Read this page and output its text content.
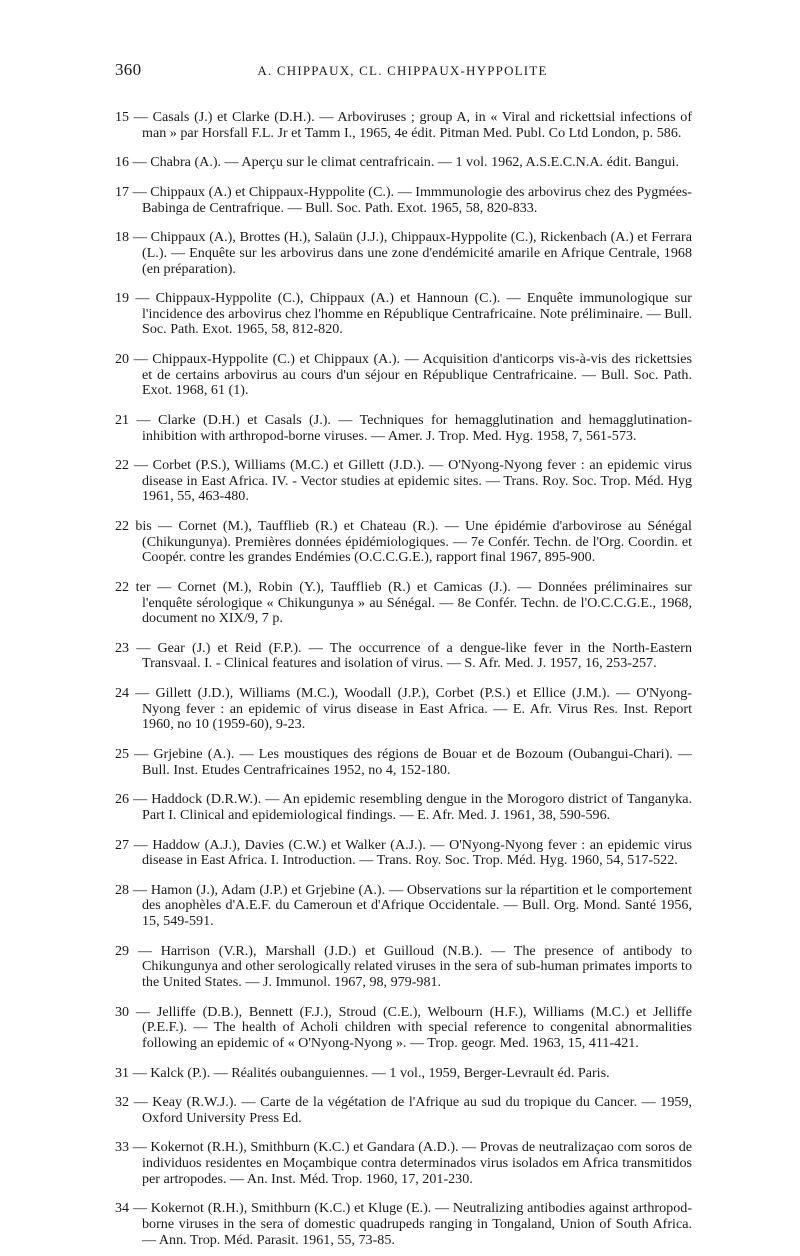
360	A. CHIPPAUX, CL. CHIPPAUX-HYPPOLITE

15 — Casals (J.) et Clarke (D.H.). — Arboviruses ; group A, in « Viral and rickettsial infections of man » par Horsfall F.L. Jr et Tamm I., 1965, 4e édit. Pitman Med. Publ. Co Ltd London, p. 586.

16 — Chabra (A.). — Aperçu sur le climat centrafricain. — 1 vol. 1962, A.S.E.C.N.A. édit. Bangui.

17 — Chippaux (A.) et Chippaux-Hyppolite (C.). — Immmunologie des arbovirus chez des Pygmées-Babinga de Centrafrique. — Bull. Soc. Path. Exot. 1965, 58, 820-833.

18 — Chippaux (A.), Brottes (H.), Salaün (J.J.), Chippaux-Hyppolite (C.), Rickenbach (A.) et Ferrara (L.). — Enquête sur les arbovirus dans une zone d'endémicité amarile en Afrique Centrale, 1968 (en préparation).

19 — Chippaux-Hyppolite (C.), Chippaux (A.) et Hannoun (C.). — Enquête immunologique sur l'incidence des arbovirus chez l'homme en République Centrafricaine. Note préliminaire. — Bull. Soc. Path. Exot. 1965, 58, 812-820.

20 — Chippaux-Hyppolite (C.) et Chippaux (A.). — Acquisition d'anticorps vis-à-vis des rickettsies et de certains arbovirus au cours d'un séjour en République Centrafricaine. — Bull. Soc. Path. Exot. 1968, 61 (1).

21 — Clarke (D.H.) et Casals (J.). — Techniques for hemagglutination and hemagglutination-inhibition with arthropod-borne viruses. — Amer. J. Trop. Med. Hyg. 1958, 7, 561-573.

22 — Corbet (P.S.), Williams (M.C.) et Gillett (J.D.). — O'Nyong-Nyong fever : an epidemic virus disease in East Africa. IV. - Vector studies at epidemic sites. — Trans. Roy. Soc. Trop. Méd. Hyg 1961, 55, 463-480.

22 bis — Cornet (M.), Taufflieb (R.) et Chateau (R.). — Une épidémie d'arbovirose au Sénégal (Chikungunya). Premières données épidémiologiques. — 7e Confér. Techn. de l'Org. Coordin. et Coopér. contre les grandes Endémies (O.C.C.G.E.), rapport final 1967, 895-900.

22 ter — Cornet (M.), Robin (Y.), Taufflieb (R.) et Camicas (J.). — Données préliminaires sur l'enquête sérologique « Chikungunya » au Sénégal. — 8e Confér. Techn. de l'O.C.C.G.E., 1968, document no XIX/9, 7 p.

23 — Gear (J.) et Reid (F.P.). — The occurrence of a dengue-like fever in the North-Eastern Transvaal. I. - Clinical features and isolation of virus. — S. Afr. Med. J. 1957, 16, 253-257.

24 — Gillett (J.D.), Williams (M.C.), Woodall (J.P.), Corbet (P.S.) et Ellice (J.M.). — O'Nyong-Nyong fever : an epidemic of virus disease in East Africa. — E. Afr. Virus Res. Inst. Report 1960, no 10 (1959-60), 9-23.

25 — Grjebine (A.). — Les moustiques des régions de Bouar et de Bozoum (Oubangui-Chari). — Bull. Inst. Etudes Centrafricaines 1952, no 4, 152-180.

26 — Haddock (D.R.W.). — An epidemic resembling dengue in the Morogoro district of Tanganyka. Part I. Clinical and epidemiological findings. — E. Afr. Med. J. 1961, 38, 590-596.

27 — Haddow (A.J.), Davies (C.W.) et Walker (A.J.). — O'Nyong-Nyong fever : an epidemic virus disease in East Africa. I. Introduction. — Trans. Roy. Soc. Trop. Méd. Hyg. 1960, 54, 517-522.

28 — Hamon (J.), Adam (J.P.) et Grjebine (A.). — Observations sur la répartition et le comportement des anophèles d'A.E.F. du Cameroun et d'Afrique Occidentale. — Bull. Org. Mond. Santé 1956, 15, 549-591.

29 — Harrison (V.R.), Marshall (J.D.) et Guilloud (N.B.). — The presence of antibody to Chikungunya and other serologically related viruses in the sera of sub-human primates imports to the United States. — J. Immunol. 1967, 98, 979-981.

30 — Jelliffe (D.B.), Bennett (F.J.), Stroud (C.E.), Welbourn (H.F.), Williams (M.C.) et Jelliffe (P.E.F.). — The health of Acholi children with special reference to congenital abnormalities following an epidemic of « O'Nyong-Nyong ». — Trop. geogr. Med. 1963, 15, 411-421.

31 — Kalck (P.). — Réalités oubanguiennes. — 1 vol., 1959, Berger-Levrault éd. Paris.

32 — Keay (R.W.J.). — Carte de la végétation de l'Afrique au sud du tropique du Cancer. — 1959, Oxford University Press Ed.

33 — Kokernot (R.H.), Smithburn (K.C.) et Gandara (A.D.). — Provas de neutralizaçao com soros de individuos residentes en Moçambique contra determinados virus isolados em Africa transmitidos per artropodes. — An. Inst. Méd. Trop. 1960, 17, 201-230.

34 — Kokernot (R.H.), Smithburn (K.C.) et Kluge (E.). — Neutralizing antibodies against arthropod-borne viruses in the sera of domestic quadrupeds ranging in Tongaland, Union of South Africa. — Ann. Trop. Méd. Parasit. 1961, 55, 73-85.
